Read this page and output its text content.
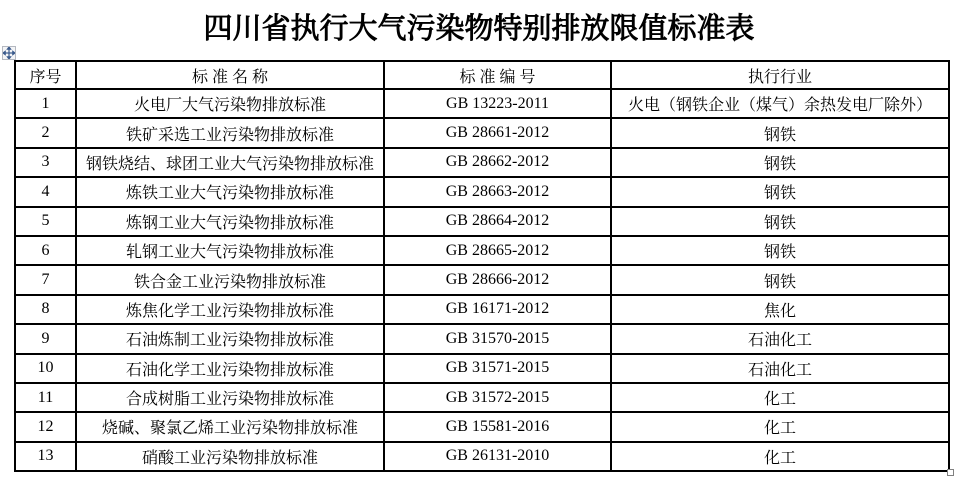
四川省执行大气污染物特别排放限值标准表
序号	标 准 名 称	标 准 编 号	执行行业
1	火电厂大气污染物排放标准	GB 13223-2011	火电（钢铁企业（煤气）余热发电厂除外）
2	铁矿采选工业污染物排放标准	GB 28661-2012	钢铁
3	钢铁烧结、球团工业大气污染物排放标准	GB 28662-2012	钢铁
4	炼铁工业大气污染物排放标准	GB 28663-2012	钢铁
5	炼钢工业大气污染物排放标准	GB 28664-2012	钢铁
6	轧钢工业大气污染物排放标准	GB 28665-2012	钢铁
7	铁合金工业污染物排放标准	GB 28666-2012	钢铁
8	炼焦化学工业污染物排放标准	GB 16171-2012	焦化
9	石油炼制工业污染物排放标准	GB 31570-2015	石油化工
10	石油化学工业污染物排放标准	GB 31571-2015	石油化工
11	合成树脂工业污染物排放标准	GB 31572-2015	化工
12	烧碱、聚氯乙烯工业污染物排放标准	GB 15581-2016	化工
13	硝酸工业污染物排放标准	GB 26131-2010	化工
